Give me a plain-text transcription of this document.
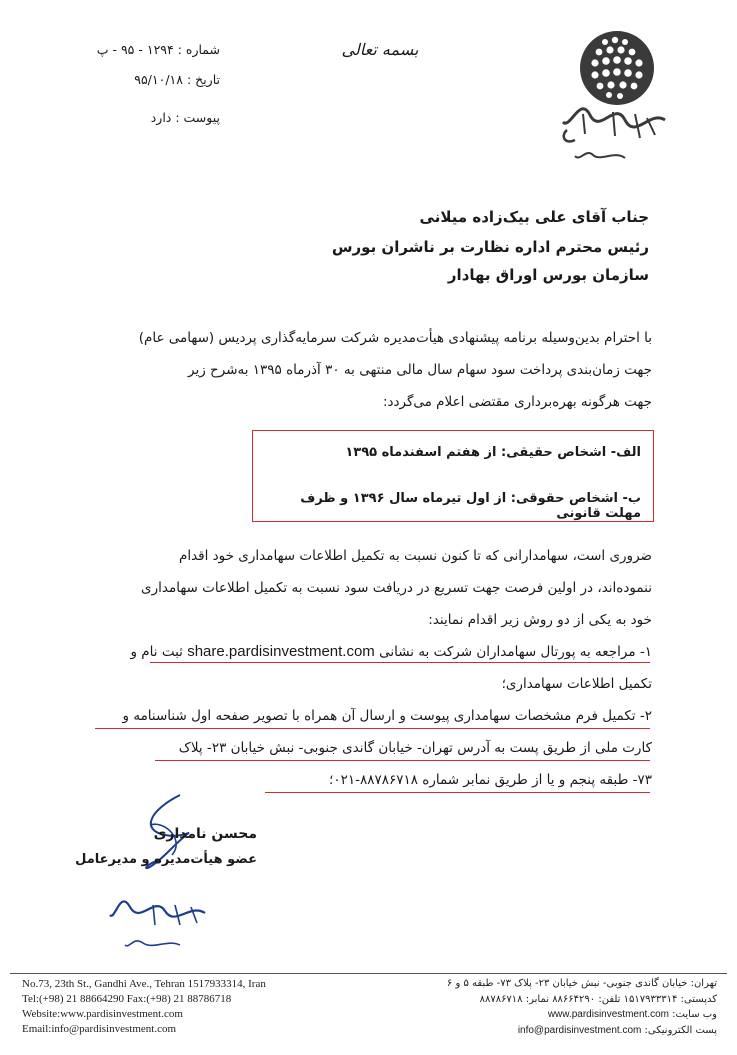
بسمه تعالی
شماره : ۱۲۹۴ - ۹۵ - پ
تاریخ : ۹۵/۱۰/۱۸
پیوست : دارد
جناب آقای علی بیک‌زاده میلانی
رئیس محترم اداره نظارت بر ناشران بورس
سازمان بورس اوراق بهادار
با احترام بدین‌وسیله برنامه پیشنهادی هیأت‌مدیره شرکت سرمایه‌گذاری پردیس (سهامی عام)
جهت زمان‌بندی پرداخت سود سهام سال مالی منتهی به ۳۰ آذرماه ۱۳۹۵ به‌شرح زیر
جهت هرگونه بهره‌برداری مقتضی اعلام می‌گردد:
الف- اشخاص حقیقی: از هفتم اسفندماه ۱۳۹۵
ب- اشخاص حقوقی: از اول تیرماه سال ۱۳۹۶ و ظرف مهلت قانونی
ضروری است، سهامدارانی که تا کنون نسبت به تکمیل اطلاعات سهامداری خود اقدام
ننموده‌اند، در اولین فرصت جهت تسریع در دریافت سود نسبت به تکمیل اطلاعات سهامداری
خود به یکی از دو روش زیر اقدام نمایند:
۱- مراجعه به پورتال سهامداران شرکت به نشانی share.pardisinvestment.com ثبت نام و
تکمیل اطلاعات سهامداری؛
۲- تکمیل فرم مشخصات سهامداری پیوست و ارسال آن همراه با تصویر صفحه اول شناسنامه و
کارت ملی از طریق پست به آدرس تهران- خیابان گاندی جنوبی- نبش خیابان ۲۳- پلاک
۷۳- طبقه پنجم و یا از طریق نمابر شماره ۸۸۷۸۶۷۱۸-۰۲۱؛
محسن نامداری
عضو هیأت‌مدیره و مدیرعامل
No.73, 23th St., Gandhi Ave., Tehran 1517933314, Iran
Tel:(+98) 21 88664290 Fax:(+98) 21 88786718
Website:www.pardisinvestment.com
Email:info@pardisinvestment.com
تهران: خیابان گاندی جنوبی- نبش خیابان ۲۳- پلاک ۷۳- طبقه ۵ و ۶
کدپستی: ۱۵۱۷۹۳۳۳۱۴ تلفن: ۸۸۶۶۴۲۹۰ نمابر: ۸۸۷۸۶۷۱۸
وب سایت: www.pardisinvestment.com
پست الکترونیکی: info@pardisinvestment.com
